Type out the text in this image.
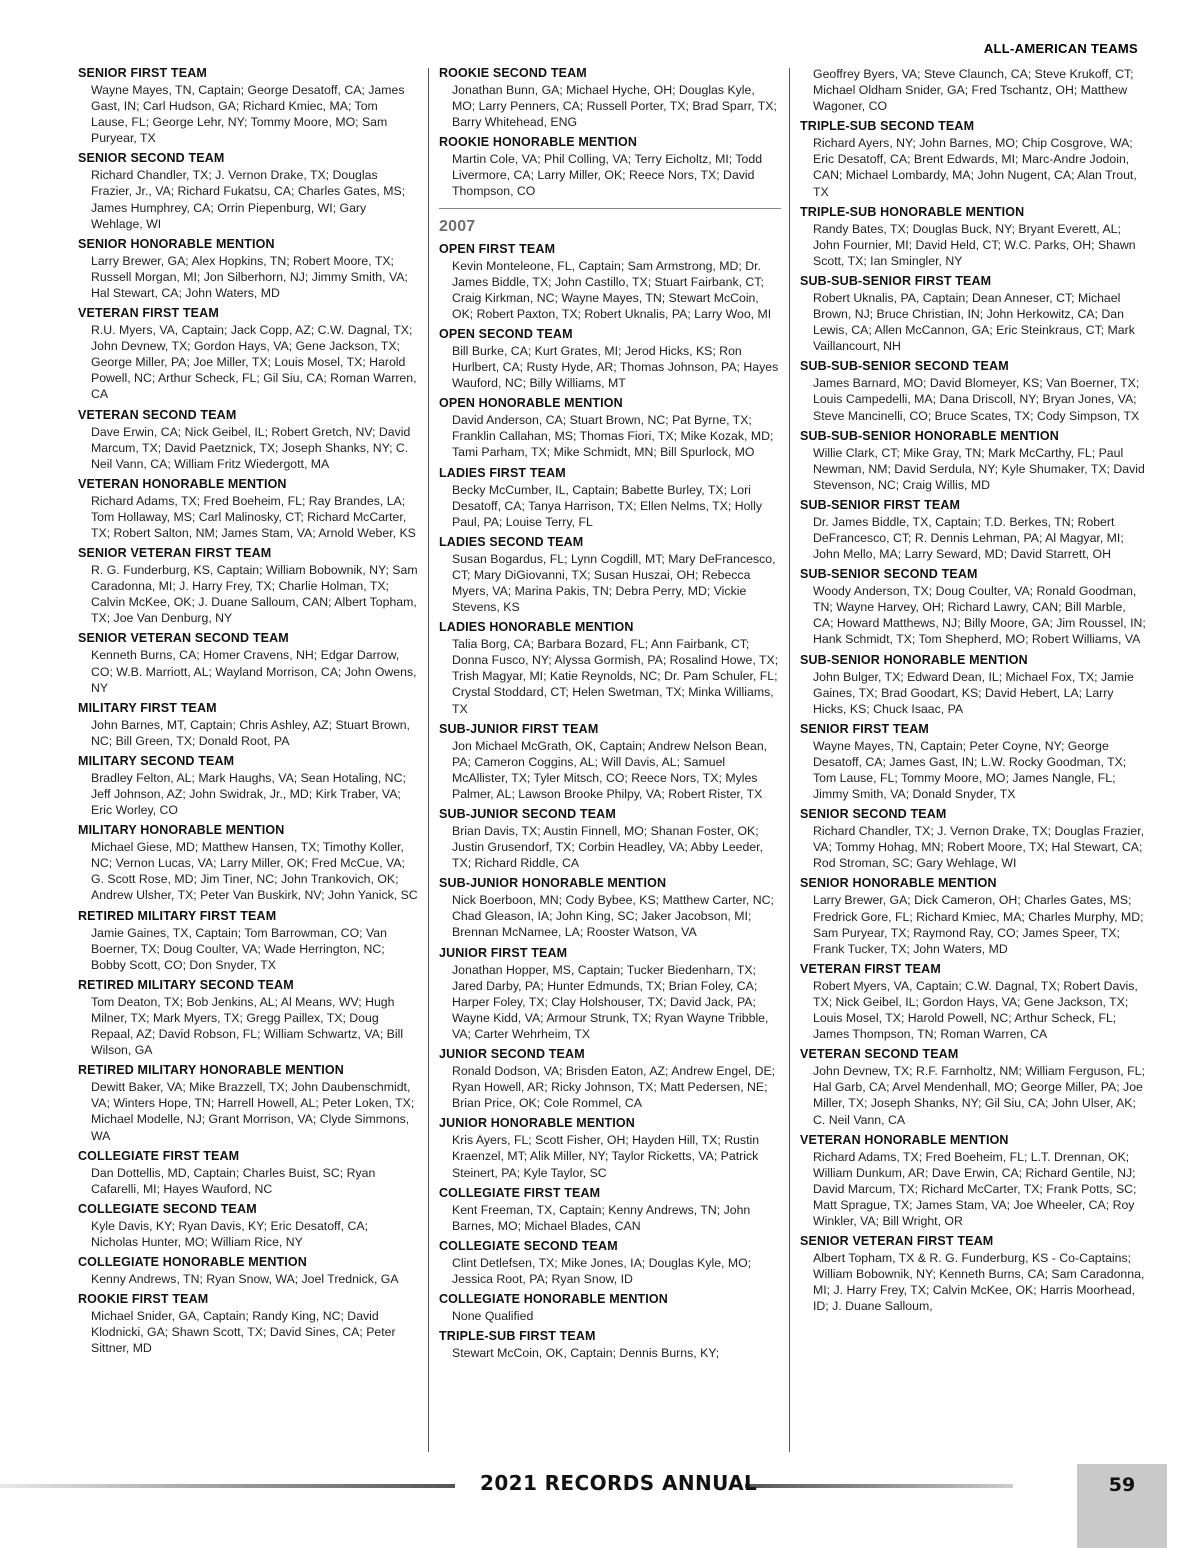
ALL-AMERICAN TEAMS
SENIOR FIRST TEAM
Wayne Mayes, TN, Captain; George Desatoff, CA; James Gast, IN; Carl Hudson, GA; Richard Kmiec, MA; Tom Lause, FL; George Lehr, NY; Tommy Moore, MO; Sam Puryear, TX
SENIOR SECOND TEAM
Richard Chandler, TX; J. Vernon Drake, TX; Douglas Frazier, Jr., VA; Richard Fukatsu, CA; Charles Gates, MS; James Humphrey, CA; Orrin Piepenburg, WI; Gary Wehlage, WI
SENIOR HONORABLE MENTION
Larry Brewer, GA; Alex Hopkins, TN; Robert Moore, TX; Russell Morgan, MI; Jon Silberhorn, NJ; Jimmy Smith, VA; Hal Stewart, CA; John Waters, MD
VETERAN FIRST TEAM
R.U. Myers, VA, Captain; Jack Copp, AZ; C.W. Dagnal, TX; John Devnew, TX; Gordon Hays, VA; Gene Jackson, TX; George Miller, PA; Joe Miller, TX; Louis Mosel, TX; Harold Powell, NC; Arthur Scheck, FL; Gil Siu, CA; Roman Warren, CA
VETERAN SECOND TEAM
Dave Erwin, CA; Nick Geibel, IL; Robert Gretch, NV; David Marcum, TX; David Paetznick, TX; Joseph Shanks, NY; C. Neil Vann, CA; William Fritz Wiedergott, MA
VETERAN HONORABLE MENTION
Richard Adams, TX; Fred Boeheim, FL; Ray Brandes, LA; Tom Hollaway, MS; Carl Malinosky, CT; Richard McCarter, TX; Robert Salton, NM; James Stam, VA; Arnold Weber, KS
SENIOR VETERAN FIRST TEAM
R. G. Funderburg, KS, Captain; William Bobownik, NY; Sam Caradonna, MI; J. Harry Frey, TX; Charlie Holman, TX; Calvin McKee, OK; J. Duane Salloum, CAN; Albert Topham, TX; Joe Van Denburg, NY
SENIOR VETERAN SECOND TEAM
Kenneth Burns, CA; Homer Cravens, NH; Edgar Darrow, CO; W.B. Marriott, AL; Wayland Morrison, CA; John Owens, NY
MILITARY FIRST TEAM
John Barnes, MT, Captain; Chris Ashley, AZ; Stuart Brown, NC; Bill Green, TX; Donald Root, PA
MILITARY SECOND TEAM
Bradley Felton, AL; Mark Haughs, VA; Sean Hotaling, NC; Jeff Johnson, AZ; John Swidrak, Jr., MD; Kirk Traber, VA; Eric Worley, CO
MILITARY HONORABLE MENTION
Michael Giese, MD; Matthew Hansen, TX; Timothy Koller, NC; Vernon Lucas, VA; Larry Miller, OK; Fred McCue, VA; G. Scott Rose, MD; Jim Tiner, NC; John Trankovich, OK; Andrew Ulsher, TX; Peter Van Buskirk, NV; John Yanick, SC
RETIRED MILITARY FIRST TEAM
Jamie Gaines, TX, Captain; Tom Barrowman, CO; Van Boerner, TX; Doug Coulter, VA; Wade Herrington, NC; Bobby Scott, CO; Don Snyder, TX
RETIRED MILITARY SECOND TEAM
Tom Deaton, TX; Bob Jenkins, AL; Al Means, WV; Hugh Milner, TX; Mark Myers, TX; Gregg Paillex, TX; Doug Repaal, AZ; David Robson, FL; William Schwartz, VA; Bill Wilson, GA
RETIRED MILITARY HONORABLE MENTION
Dewitt Baker, VA; Mike Brazzell, TX; John Daubenschmidt, VA; Winters Hope, TN; Harrell Howell, AL; Peter Loken, TX; Michael Modelle, NJ; Grant Morrison, VA; Clyde Simmons, WA
COLLEGIATE FIRST TEAM
Dan Dottellis, MD, Captain; Charles Buist, SC; Ryan Cafarelli, MI; Hayes Wauford, NC
COLLEGIATE SECOND TEAM
Kyle Davis, KY; Ryan Davis, KY; Eric Desatoff, CA; Nicholas Hunter, MO; William Rice, NY
COLLEGIATE HONORABLE MENTION
Kenny Andrews, TN; Ryan Snow, WA; Joel Trednick, GA
ROOKIE FIRST TEAM
Michael Snider, GA, Captain; Randy King, NC; David Klodnicki, GA; Shawn Scott, TX; David Sines, CA; Peter Sittner, MD
ROOKIE SECOND TEAM
Jonathan Bunn, GA; Michael Hyche, OH; Douglas Kyle, MO; Larry Penners, CA; Russell Porter, TX; Brad Sparr, TX; Barry Whitehead, ENG
ROOKIE HONORABLE MENTION
Martin Cole, VA; Phil Colling, VA; Terry Eicholtz, MI; Todd Livermore, CA; Larry Miller, OK; Reece Nors, TX; David Thompson, CO
2007
OPEN FIRST TEAM
Kevin Monteleone, FL, Captain; Sam Armstrong, MD; Dr. James Biddle, TX; John Castillo, TX; Stuart Fairbank, CT; Craig Kirkman, NC; Wayne Mayes, TN; Stewart McCoin, OK; Robert Paxton, TX; Robert Uknalis, PA; Larry Woo, MI
OPEN SECOND TEAM
Bill Burke, CA; Kurt Grates, MI; Jerod Hicks, KS; Ron Hurlbert, CA; Rusty Hyde, AR; Thomas Johnson, PA; Hayes Wauford, NC; Billy Williams, MT
OPEN HONORABLE MENTION
David Anderson, CA; Stuart Brown, NC; Pat Byrne, TX; Franklin Callahan, MS; Thomas Fiori, TX; Mike Kozak, MD; Tami Parham, TX; Mike Schmidt, MN; Bill Spurlock, MO
LADIES FIRST TEAM
Becky McCumber, IL, Captain; Babette Burley, TX; Lori Desatoff, CA; Tanya Harrison, TX; Ellen Nelms, TX; Holly Paul, PA; Louise Terry, FL
LADIES SECOND TEAM
Susan Bogardus, FL; Lynn Cogdill, MT; Mary DeFrancesco, CT; Mary DiGiovanni, TX; Susan Huszai, OH; Rebecca Myers, VA; Marina Pakis, TN; Debra Perry, MD; Vickie Stevens, KS
LADIES HONORABLE MENTION
Talia Borg, CA; Barbara Bozard, FL; Ann Fairbank, CT; Donna Fusco, NY; Alyssa Gormish, PA; Rosalind Howe, TX; Trish Magyar, MI; Katie Reynolds, NC; Dr. Pam Schuler, FL; Crystal Stoddard, CT; Helen Swetman, TX; Minka Williams, TX
SUB-JUNIOR FIRST TEAM
Jon Michael McGrath, OK, Captain; Andrew Nelson Bean, PA; Cameron Coggins, AL; Will Davis, AL; Samuel McAllister, TX; Tyler Mitsch, CO; Reece Nors, TX; Myles Palmer, AL; Lawson Brooke Philpy, VA; Robert Rister, TX
SUB-JUNIOR SECOND TEAM
Brian Davis, TX; Austin Finnell, MO; Shanan Foster, OK; Justin Grusendorf, TX; Corbin Headley, VA; Abby Leeder, TX; Richard Riddle, CA
SUB-JUNIOR HONORABLE MENTION
Nick Boerboon, MN; Cody Bybee, KS; Matthew Carter, NC; Chad Gleason, IA; John King, SC; Jaker Jacobson, MI; Brennan McNamee, LA; Rooster Watson, VA
JUNIOR FIRST TEAM
Jonathan Hopper, MS, Captain; Tucker Biedenharn, TX; Jared Darby, PA; Hunter Edmunds, TX; Brian Foley, CA; Harper Foley, TX; Clay Holshouser, TX; David Jack, PA; Wayne Kidd, VA; Armour Strunk, TX; Ryan Wayne Tribble, VA; Carter Wehrheim, TX
JUNIOR SECOND TEAM
Ronald Dodson, VA; Brisden Eaton, AZ; Andrew Engel, DE; Ryan Howell, AR; Ricky Johnson, TX; Matt Pedersen, NE; Brian Price, OK; Cole Rommel, CA
JUNIOR HONORABLE MENTION
Kris Ayers, FL; Scott Fisher, OH; Hayden Hill, TX; Rustin Kraenzel, MT; Alik Miller, NY; Taylor Ricketts, VA; Patrick Steinert, PA; Kyle Taylor, SC
COLLEGIATE FIRST TEAM
Kent Freeman, TX, Captain; Kenny Andrews, TN; John Barnes, MO; Michael Blades, CAN
COLLEGIATE SECOND TEAM
Clint Detlefsen, TX; Mike Jones, IA; Douglas Kyle, MO; Jessica Root, PA; Ryan Snow, ID
COLLEGIATE HONORABLE MENTION
None Qualified
TRIPLE-SUB FIRST TEAM
Stewart McCoin, OK, Captain; Dennis Burns, KY;
Geoffrey Byers, VA; Steve Claunch, CA; Steve Krukoff, CT; Michael Oldham Snider, GA; Fred Tschantz, OH; Matthew Wagoner, CO
TRIPLE-SUB SECOND TEAM
Richard Ayers, NY; John Barnes, MO; Chip Cosgrove, WA; Eric Desatoff, CA; Brent Edwards, MI; Marc-Andre Jodoin, CAN; Michael Lombardy, MA; John Nugent, CA; Alan Trout, TX
TRIPLE-SUB HONORABLE MENTION
Randy Bates, TX; Douglas Buck, NY; Bryant Everett, AL; John Fournier, MI; David Held, CT; W.C. Parks, OH; Shawn Scott, TX; Ian Smingler, NY
SUB-SUB-SENIOR FIRST TEAM
Robert Uknalis, PA, Captain; Dean Anneser, CT; Michael Brown, NJ; Bruce Christian, IN; John Herkowitz, CA; Dan Lewis, CA; Allen McCannon, GA; Eric Steinkraus, CT; Mark Vaillancourt, NH
SUB-SUB-SENIOR SECOND TEAM
James Barnard, MO; David Blomeyer, KS; Van Boerner, TX; Louis Campedelli, MA; Dana Driscoll, NY; Bryan Jones, VA; Steve Mancinelli, CO; Bruce Scates, TX; Cody Simpson, TX
SUB-SUB-SENIOR HONORABLE MENTION
Willie Clark, CT; Mike Gray, TN; Mark McCarthy, FL; Paul Newman, NM; David Serdula, NY; Kyle Shumaker, TX; David Stevenson, NC; Craig Willis, MD
SUB-SENIOR FIRST TEAM
Dr. James Biddle, TX, Captain; T.D. Berkes, TN; Robert DeFrancesco, CT; R. Dennis Lehman, PA; Al Magyar, MI; John Mello, MA; Larry Seward, MD; David Starrett, OH
SUB-SENIOR SECOND TEAM
Woody Anderson, TX; Doug Coulter, VA; Ronald Goodman, TN; Wayne Harvey, OH; Richard Lawry, CAN; Bill Marble, CA; Howard Matthews, NJ; Billy Moore, GA; Jim Roussel, IN; Hank Schmidt, TX; Tom Shepherd, MO; Robert Williams, VA
SUB-SENIOR HONORABLE MENTION
John Bulger, TX; Edward Dean, IL; Michael Fox, TX; Jamie Gaines, TX; Brad Goodart, KS; David Hebert, LA; Larry Hicks, KS; Chuck Isaac, PA
SENIOR FIRST TEAM
Wayne Mayes, TN, Captain; Peter Coyne, NY; George Desatoff, CA; James Gast, IN; L.W. Rocky Goodman, TX; Tom Lause, FL; Tommy Moore, MO; James Nangle, FL; Jimmy Smith, VA; Donald Snyder, TX
SENIOR SECOND TEAM
Richard Chandler, TX; J. Vernon Drake, TX; Douglas Frazier, VA; Tommy Hohag, MN; Robert Moore, TX; Hal Stewart, CA; Rod Stroman, SC; Gary Wehlage, WI
SENIOR HONORABLE MENTION
Larry Brewer, GA; Dick Cameron, OH; Charles Gates, MS; Fredrick Gore, FL; Richard Kmiec, MA; Charles Murphy, MD; Sam Puryear, TX; Raymond Ray, CO; James Speer, TX; Frank Tucker, TX; John Waters, MD
VETERAN FIRST TEAM
Robert Myers, VA, Captain; C.W. Dagnal, TX; Robert Davis, TX; Nick Geibel, IL; Gordon Hays, VA; Gene Jackson, TX; Louis Mosel, TX; Harold Powell, NC; Arthur Scheck, FL; James Thompson, TN; Roman Warren, CA
VETERAN SECOND TEAM
John Devnew, TX; R.F. Farnholtz, NM; William Ferguson, FL; Hal Garb, CA; Arvel Mendenhall, MO; George Miller, PA; Joe Miller, TX; Joseph Shanks, NY; Gil Siu, CA; John Ulser, AK; C. Neil Vann, CA
VETERAN HONORABLE MENTION
Richard Adams, TX; Fred Boeheim, FL; L.T. Drennan, OK; William Dunkum, AR; Dave Erwin, CA; Richard Gentile, NJ; David Marcum, TX; Richard McCarter, TX; Frank Potts, SC; Matt Sprague, TX; James Stam, VA; Joe Wheeler, CA; Roy Winkler, VA; Bill Wright, OR
SENIOR VETERAN FIRST TEAM
Albert Topham, TX & R. G. Funderburg, KS - Co-Captains; William Bobownik, NY; Kenneth Burns, CA; Sam Caradonna, MI; J. Harry Frey, TX; Calvin McKee, OK; Harris Moorhead, ID; J. Duane Salloum,
2021 RECORDS ANNUAL	59
